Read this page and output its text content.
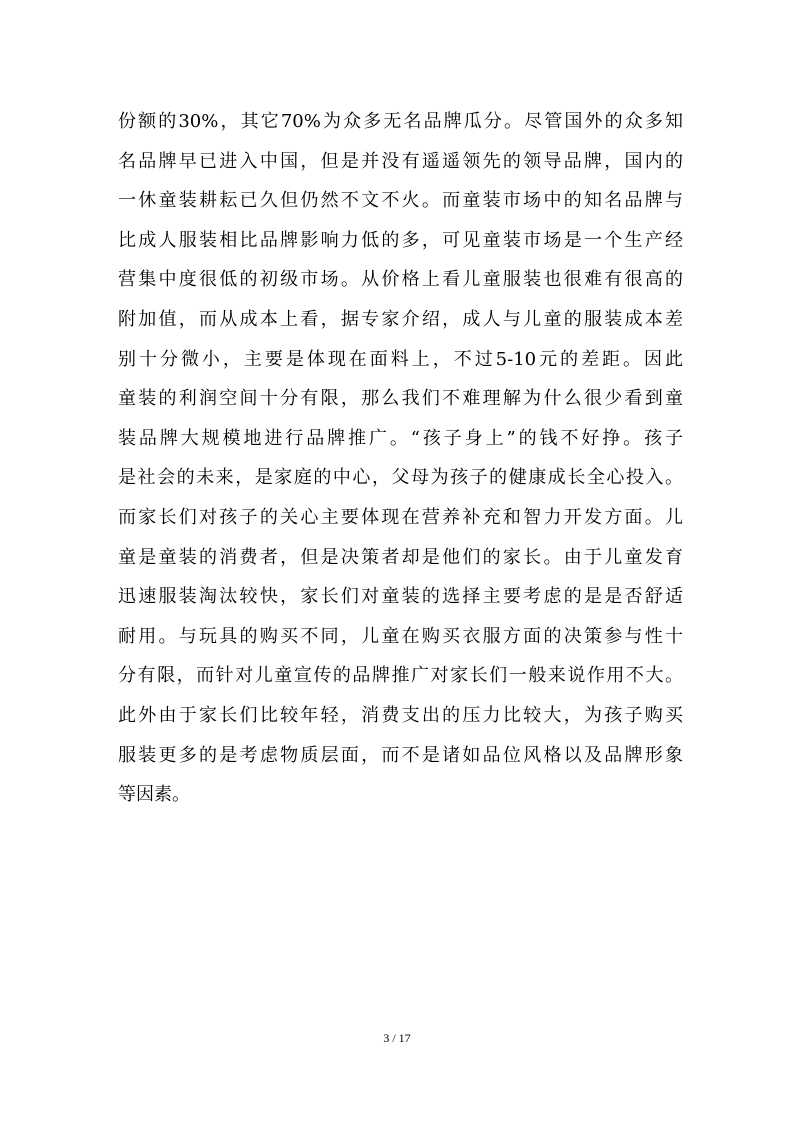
份额的30%，其它70%为众多无名品牌瓜分。尽管国外的众多知
名品牌早已进入中国，但是并没有遥遥领先的领导品牌，国内的
一休童装耕耘已久但仍然不文不火。而童装市场中的知名品牌与
比成人服装相比品牌影响力低的多，可见童装市场是一个生产经
营集中度很低的初级市场。从价格上看儿童服装也很难有很高的
附加值，而从成本上看，据专家介绍，成人与儿童的服装成本差
别十分微小，主要是体现在面料上，不过5-10元的差距。因此
童装的利润空间十分有限，那么我们不难理解为什么很少看到童
装品牌大规模地进行品牌推广。“孩子身上”的钱不好挣。孩子
是社会的未来，是家庭的中心，父母为孩子的健康成长全心投入。
而家长们对孩子的关心主要体现在营养补充和智力开发方面。儿
童是童装的消费者，但是决策者却是他们的家长。由于儿童发育
迅速服装淘汰较快，家长们对童装的选择主要考虑的是是否舒适
耐用。与玩具的购买不同，儿童在购买衣服方面的决策参与性十
分有限，而针对儿童宣传的品牌推广对家长们一般来说作用不大。
此外由于家长们比较年轻，消费支出的压力比较大，为孩子购买
服装更多的是考虑物质层面，而不是诸如品位风格以及品牌形象
等因素。
3 / 17
